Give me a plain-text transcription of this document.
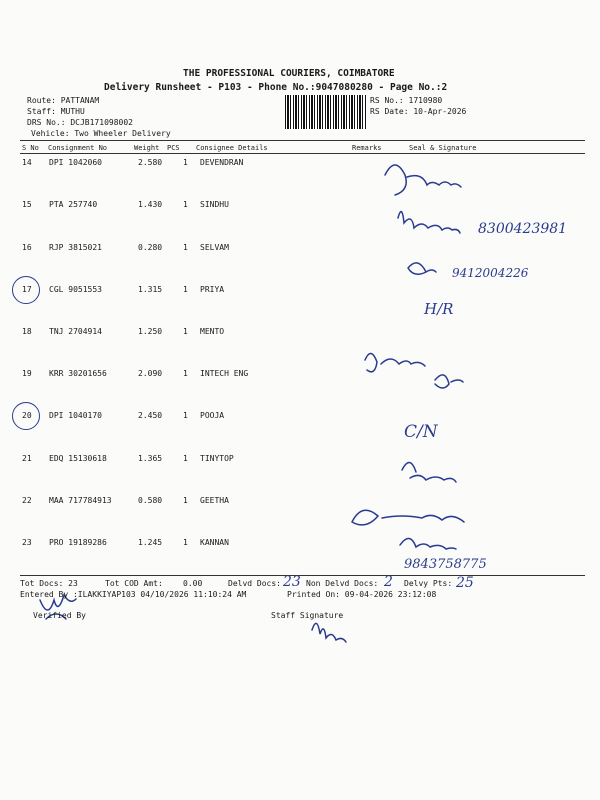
THE PROFESSIONAL COURIERS, COIMBATORE
Delivery Runsheet - P103 - Phone No.:9047080280 - Page No.:2
Route: PATTANAM
Staff: MUTHU
DRS No.: DCJB171098002
Vehicle: Two Wheeler Delivery
RS No.: 1710980
RS Date: 10-Apr-2026
S No Consignment No	Weight PCS Consignee Details	Remarks	Seal & Signature
14 DPI 1042060	2.580	1 DEVENDRAN
15 PTA 257740	1.430	1 SINDHU
16 RJP 3815021	0.280	1 SELVAM
17 CGL 9051553	1.315	1 PRIYA
18 TNJ 2704914	1.250	1 MENTO
19 KRR 30201656	2.090	1 INTECH ENG
20 DPI 1040170	2.450	1 POOJA
21 EDQ 15130618	1.365	1 TINYTOP
22 MAA 717784913	0.580	1 GEETHA
23 PRO 19189286	1.245	1 KANNAN
8300423981
9412004226
H/R
C/N
9843758775
Tot Docs: 23	Tot COD Amt:	0.00	Delvd Docs: 23 Non Delvd Docs: 2 Delvy Pts: 25
Entered By :ILAKKIYAP103 04/10/2026 11:10:24 AM	Printed On: 09-04-2026 23:12:08
Verified By	Staff Signature
